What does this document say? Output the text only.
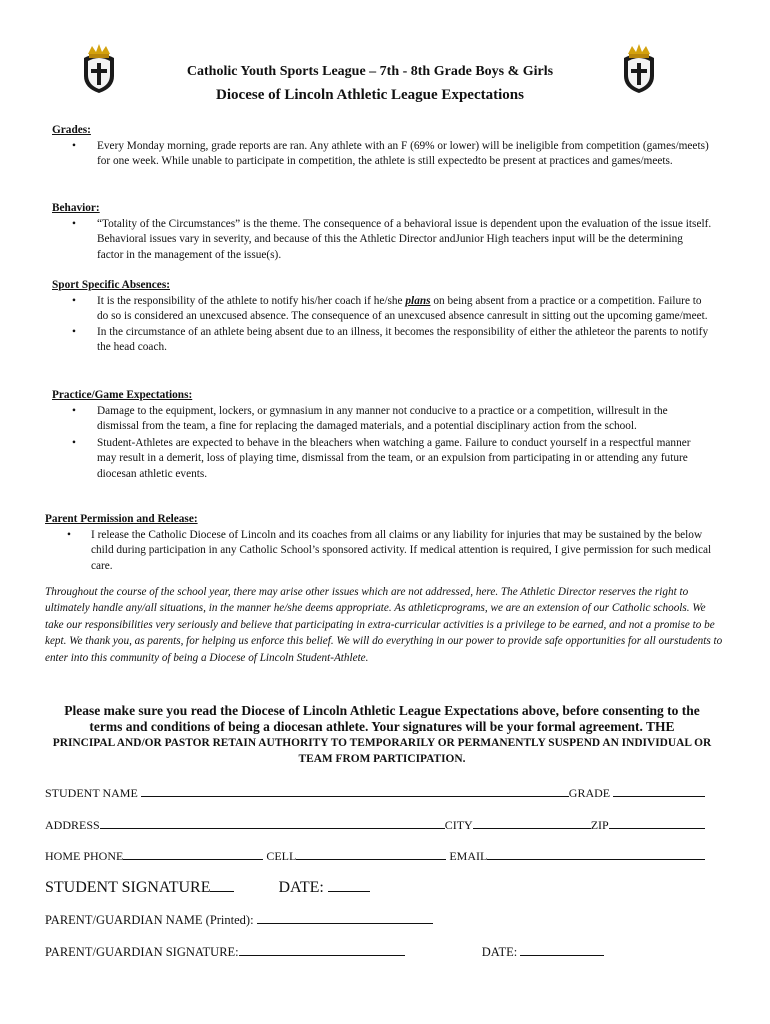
Catholic Youth Sports League – 7th - 8th Grade Boys & Girls
Diocese of Lincoln Athletic League Expectations
Grades:
• Every Monday morning, grade reports are ran. Any athlete with an F (69% or lower) will be ineligible from competition (games/meets) for one week. While unable to participate in competition, the athlete is still expectedto be present at practices and games/meets.
Behavior:
• “Totality of the Circumstances” is the theme. The consequence of a behavioral issue is dependent upon the evaluation of the issue itself. Behavioral issues vary in severity, and because of this the Athletic Director andJunior High teachers input will be the determining factor in the management of the issue(s).
Sport Specific Absences:
• It is the responsibility of the athlete to notify his/her coach if he/she plans on being absent from a practice or a competition. Failure to do so is considered an unexcused absence. The consequence of an unexcused absence canresult in sitting out the upcoming game/meet.
• In the circumstance of an athlete being absent due to an illness, it becomes the responsibility of either the athleteor the parents to notify the head coach.
Practice/Game Expectations:
• Damage to the equipment, lockers, or gymnasium in any manner not conducive to a practice or a competition, willresult in the dismissal from the team, a fine for replacing the damaged materials, and a potential disciplinary action from the school.
• Student-Athletes are expected to behave in the bleachers when watching a game. Failure to conduct yourself in a respectful manner may result in a demerit, loss of playing time, dismissal from the team, or an expulsion from participating in or attending any future diocesan athletic events.
Parent Permission and Release:
• I release the Catholic Diocese of Lincoln and its coaches from all claims or any liability for injuries that may be sustained by the below child during participation in any Catholic School’s sponsored activity. If medical attention is required, I give permission for such medical care.
Throughout the course of the school year, there may arise other issues which are not addressed, here. The Athletic Director reserves the right to ultimately handle any/all situations, in the manner he/she deems appropriate. As athleticprograms, we are an extension of our Catholic schools. We take our responsibilities very seriously and believe that participating in extra-curricular activities is a privilege to be earned, and not a promise to be kept. We thank you, as parents, for helping us enforce this belief. We will do everything in our power to provide safe opportunities for all ourstudents to enter into this community of being a Diocese of Lincoln Student-Athlete.
Please make sure you read the Diocese of Lincoln Athletic League Expectations above, before consenting to the terms and conditions of being a diocesan athlete. Your signatures will be your formal agreement. THE
PRINCIPAL AND/OR PASTOR RETAIN AUTHORITY TO TEMPORARILY OR PERMANENTLY SUSPEND AN INDIVIDUAL OR TEAM FROM PARTICIPATION.
STUDENT NAME	GRADE
ADDRESS	CITY	ZIP
HOME PHONE	CELL	EMAIL
STUDENT SIGNATURE	DATE:
PARENT/GUARDIAN NAME (Printed):
PARENT/GUARDIAN SIGNATURE:	DATE:
